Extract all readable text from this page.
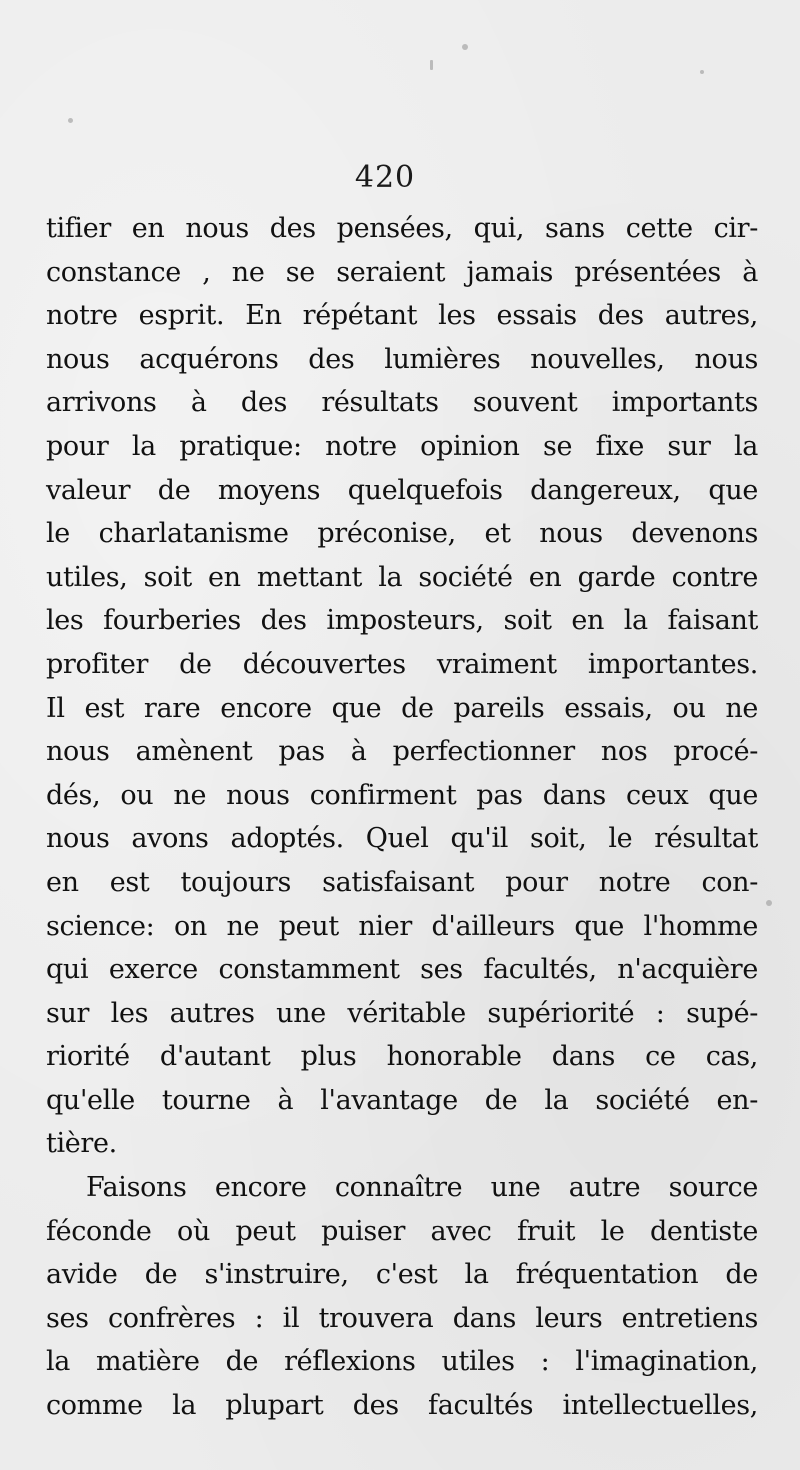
420
tifier en nous des pensées, qui, sans cette cir-
constance , ne se seraient jamais présentées à
notre esprit. En répétant les essais des autres,
nous acquérons des lumières nouvelles, nous
arrivons à des résultats souvent importants
pour la pratique: notre opinion se fixe sur la
valeur de moyens quelquefois dangereux, que
le charlatanisme préconise, et nous devenons
utiles, soit en mettant la société en garde contre
les fourberies des imposteurs, soit en la faisant
profiter de découvertes vraiment importantes.
Il est rare encore que de pareils essais, ou ne
nous amènent pas à perfectionner nos procé-
dés, ou ne nous confirment pas dans ceux que
nous avons adoptés. Quel qu'il soit, le résultat
en est toujours satisfaisant pour notre con-
science: on ne peut nier d'ailleurs que l'homme
qui exerce constamment ses facultés, n'acquière
sur les autres une véritable supériorité : supé-
riorité d'autant plus honorable dans ce cas,
qu'elle tourne à l'avantage de la société en-
tière.
Faisons encore connaître une autre source
féconde où peut puiser avec fruit le dentiste
avide de s'instruire, c'est la fréquentation de
ses confrères : il trouvera dans leurs entretiens
la matière de réflexions utiles : l'imagination,
comme la plupart des facultés intellectuelles,
